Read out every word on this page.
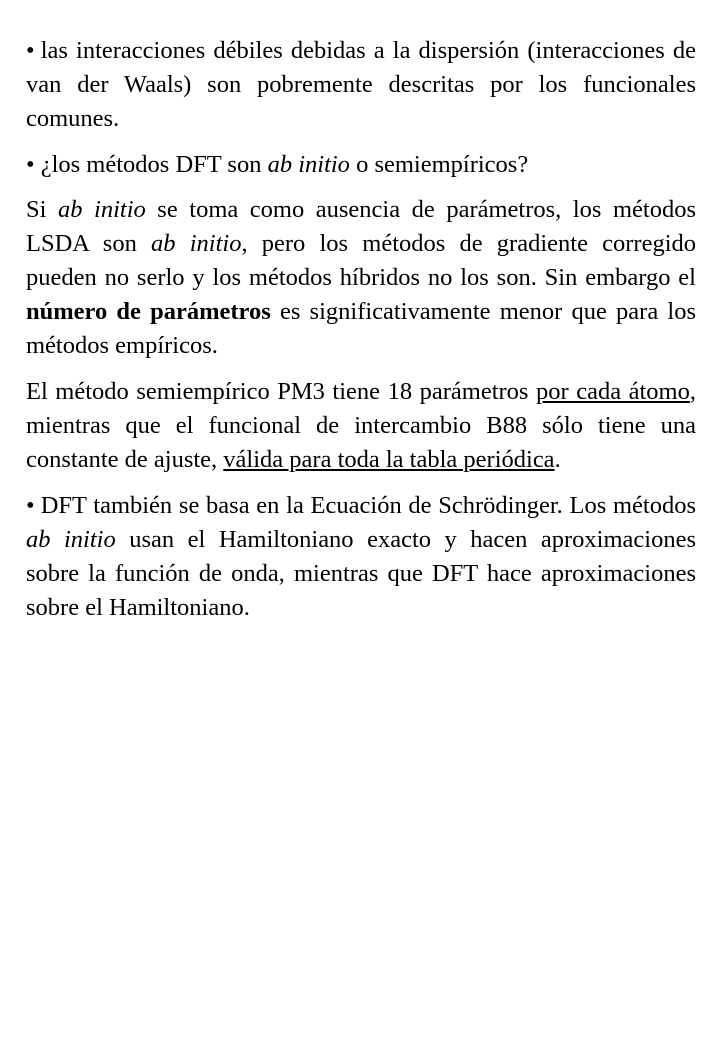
• las interacciones débiles debidas a la dispersión (interacciones de van der Waals) son pobremente descritas por los funcionales comunes.

• ¿los métodos DFT son ab initio o semiempíricos?

Si ab initio se toma como ausencia de parámetros, los métodos LSDA son ab initio, pero los métodos de gradiente corregido pueden no serlo y los métodos híbridos no los son. Sin embargo el número de parámetros es significativamente menor que para los métodos empíricos.

El método semiempírico PM3 tiene 18 parámetros por cada átomo, mientras que el funcional de intercambio B88 sólo tiene una constante de ajuste, válida para toda la tabla periódica.

• DFT también se basa en la Ecuación de Schrödinger. Los métodos ab initio usan el Hamiltoniano exacto y hacen aproximaciones sobre la función de onda, mientras que DFT hace aproximaciones sobre el Hamiltoniano.
